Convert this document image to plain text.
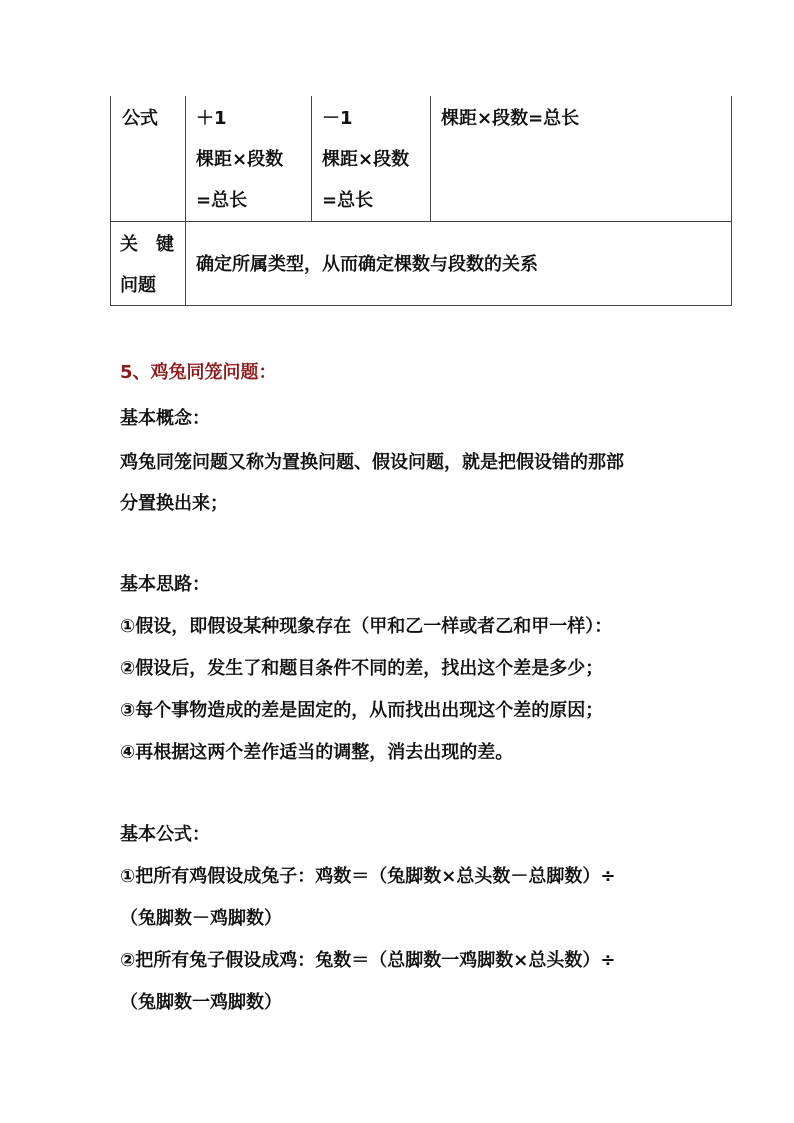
公式 ＋1
棵距×段数
=总长
－1
棵距×段数
=总长
棵距×段数=总长
关　键
问题
确定所属类型，从而确定棵数与段数的关系
5、鸡兔同笼问题：
基本概念：
鸡兔同笼问题又称为置换问题、假设问题，就是把假设错的那部
分置换出来；
基本思路：
①假设，即假设某种现象存在（甲和乙一样或者乙和甲一样）：
②假设后，发生了和题目条件不同的差，找出这个差是多少；
③每个事物造成的差是固定的，从而找出出现这个差的原因；
④再根据这两个差作适当的调整，消去出现的差。
基本公式：
①把所有鸡假设成兔子：鸡数＝（兔脚数×总头数－总脚数）÷
（兔脚数－鸡脚数）
②把所有兔子假设成鸡：兔数＝（总脚数一鸡脚数×总头数）÷
（兔脚数一鸡脚数）
